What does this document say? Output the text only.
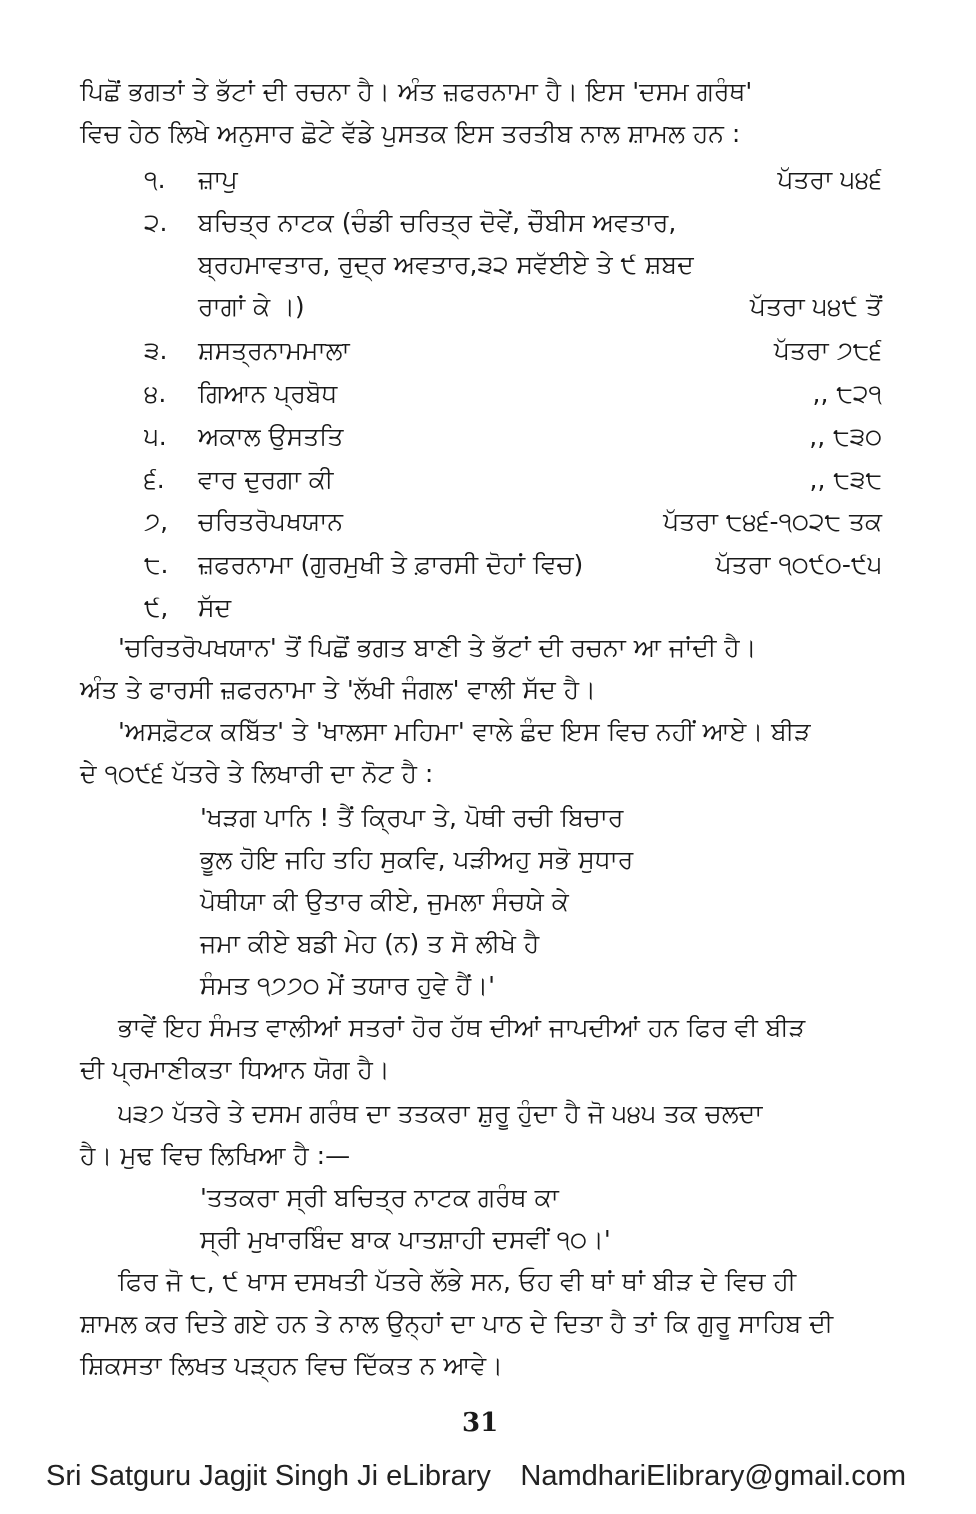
ਪਿਛੋਂ ਭਗਤਾਂ ਤੇ ਭੱਟਾਂ ਦੀ ਰਚਨਾ ਹੈ। ਅੰਤ ਜ਼ਫਰਨਾਮਾ ਹੈ। ਇਸ 'ਦਸਮ ਗਰੰਥ'
ਵਿਚ ਹੇਠ ਲਿਖੇ ਅਨੁਸਾਰ ਛੋਟੇ ਵੱਡੇ ਪੁਸਤਕ ਇਸ ਤਰਤੀਬ ਨਾਲ ਸ਼ਾਮਲ ਹਨ :
੧. ਜ਼ਾਪੁ	ਪੱਤਰਾ ੫੪੬
੨. ਬਚਿਤ੍ਰ ਨਾਟਕ (ਚੰਡੀ ਚਰਿਤ੍ਰ ਦੋਵੇਂ, ਚੌਬੀਸ ਅਵਤਾਰ,
ਬ੍ਰਹਮਾਵਤਾਰ, ਰੁਦ੍ਰ ਅਵਤਾਰ,੩੨ ਸਵੱਈਏ ਤੇ ੯ ਸ਼ਬਦ
ਰਾਗਾਂ ਕੇ ।)	ਪੱਤਰਾ ੫੪੯ ਤੋਂ
੩. ਸ਼ਸਤ੍ਰਨਾਮਮਾਲਾ	ਪੱਤਰਾ ੭੮੬
੪. ਗਿਆਨ ਪ੍ਰਬੋਧ	,, ੮੨੧
੫. ਅਕਾਲ ਉਸਤਤਿ	,, ੮੩੦
੬. ਵਾਰ ਦੁਰਗਾ ਕੀ	,, ੮੩੮
੭, ਚਰਿਤਰੋਪਖਯਾਨ	ਪੱਤਰਾ ੮੪੬-੧੦੨੮ ਤਕ
੮. ਜ਼ਫਰਨਾਮਾ (ਗੁਰਮੁਖੀ ਤੇ ਫ਼ਾਰਸੀ ਦੋਹਾਂ ਵਿਚ)	ਪੱਤਰਾ ੧੦੯੦-੯੫
੯, ਸੱਦ
'ਚਰਿਤਰੋਪਖਯਾਨ' ਤੋਂ ਪਿਛੋਂ ਭਗਤ ਬਾਣੀ ਤੇ ਭੱਟਾਂ ਦੀ ਰਚਨਾ ਆ ਜਾਂਦੀ ਹੈ।
ਅੰਤ ਤੇ ਫਾਰਸੀ ਜ਼ਫਰਨਾਮਾ ਤੇ 'ਲੱਖੀ ਜੰਗਲ' ਵਾਲੀ ਸੱਦ ਹੈ।
'ਅਸਫ਼ੋਟਕ ਕਬਿੱਤ' ਤੇ 'ਖਾਲਸਾ ਮਹਿਮਾ' ਵਾਲੇ ਛੰਦ ਇਸ ਵਿਚ ਨਹੀਂ ਆਏ। ਬੀੜ
ਦੇ ੧੦੯੬ ਪੱਤਰੇ ਤੇ ਲਿਖਾਰੀ ਦਾ ਨੋਟ ਹੈ :
'ਖੜਗ ਪਾਨਿ ! ਤੈਂ ਕ੍ਰਿਪਾ ਤੇ, ਪੋਥੀ ਰਚੀ ਬਿਚਾਰ
ਭੂਲ ਹੋਇ ਜਹਿ ਤਹਿ ਸੁਕਵਿ, ਪੜੀਅਹੁ ਸਭੋ ਸੁਧਾਰ
ਪੋਥੀਯਾ ਕੀ ਉਤਾਰ ਕੀਏ, ਜੁਮਲਾ ਸੰਚਯੇ ਕੇ
ਜਮਾ ਕੀਏ ਬਡੀ ਮੇਹ (ਨ) ਤ ਸੋ ਲੀਖੇ ਹੈ
ਸੰਮਤ ੧੭੭੦ ਮੇਂ ਤਯਾਰ ਹੁਵੇ ਹੈਂ।'
ਭਾਵੇਂ ਇਹ ਸੰਮਤ ਵਾਲੀਆਂ ਸਤਰਾਂ ਹੋਰ ਹੱਥ ਦੀਆਂ ਜਾਪਦੀਆਂ ਹਨ ਫਿਰ ਵੀ ਬੀੜ
ਦੀ ਪ੍ਰਮਾਣੀਕਤਾ ਧਿਆਨ ਯੋਗ ਹੈ।
੫੩੭ ਪੱਤਰੇ ਤੇ ਦਸਮ ਗਰੰਥ ਦਾ ਤਤਕਰਾ ਸ਼ੁਰੂ ਹੁੰਦਾ ਹੈ ਜੋ ੫੪੫ ਤਕ ਚਲਦਾ
ਹੈ। ਮੁਢ ਵਿਚ ਲਿਖਿਆ ਹੈ :—
'ਤਤਕਰਾ ਸ੍ਰੀ ਬਚਿਤ੍ਰ ਨਾਟਕ ਗਰੰਥ ਕਾ
ਸ੍ਰੀ ਮੁਖਾਰਬਿੰਦ ਬਾਕ ਪਾਤਸ਼ਾਹੀ ਦਸਵੀਂ ੧੦।'
ਫਿਰ ਜੋ ੮, ੯ ਖਾਸ ਦਸਖਤੀ ਪੱਤਰੇ ਲੱਭੇ ਸਨ, ਓਹ ਵੀ ਥਾਂ ਥਾਂ ਬੀੜ ਦੇ ਵਿਚ ਹੀ
ਸ਼ਾਮਲ ਕਰ ਦਿਤੇ ਗਏ ਹਨ ਤੇ ਨਾਲ ਉਨ੍ਹਾਂ ਦਾ ਪਾਠ ਦੇ ਦਿਤਾ ਹੈ ਤਾਂ ਕਿ ਗੁਰੂ ਸਾਹਿਬ ਦੀ
ਸ਼ਿਕਸਤਾ ਲਿਖਤ ਪੜ੍ਹਨ ਵਿਚ ਦਿੱਕਤ ਨ ਆਵੇ।
31
Sri Satguru Jagjit Singh Ji eLibrary NamdhariElibrary@gmail.com
